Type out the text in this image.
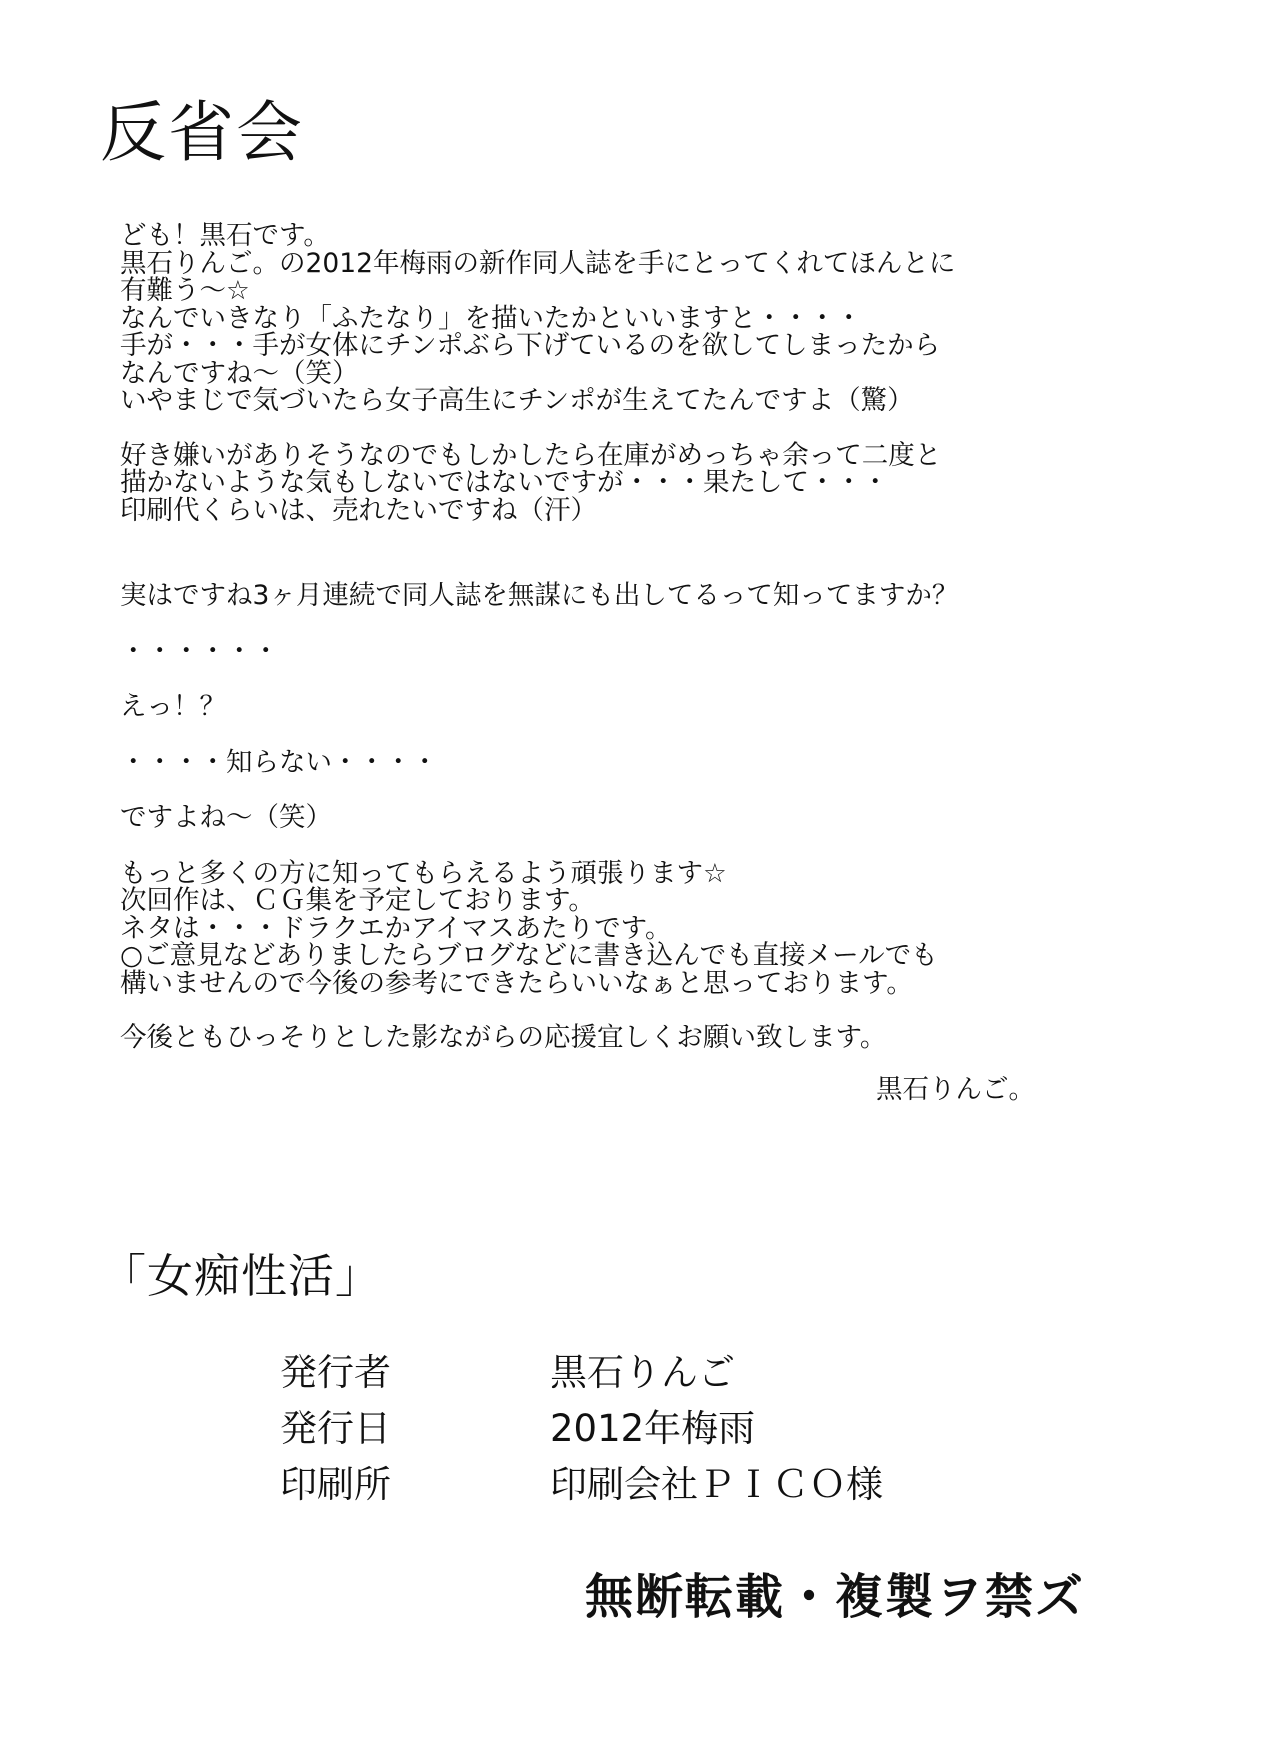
反省会

ども！黒石です。

黒石りんご。の2012年梅雨の新作同人誌を手にとってくれてほんとに

有難う～☆

なんでいきなり「ふたなり」を描いたかといいますと・・・・

手が・・・手が女体にチンポぶら下げているのを欲してしまったから

なんですね～（笑）

いやまじで気づいたら女子高生にチンポが生えてたんですよ（驚）

好き嫌いがありそうなのでもしかしたら在庫がめっちゃ余って二度と

描かないような気もしないではないですが・・・果たして・・・

印刷代くらいは、売れたいですね（汗）

実はですね3ヶ月連続で同人誌を無謀にも出してるって知ってますか？

・・・・・・

えっ！？

・・・・知らない・・・・

ですよね～（笑）

もっと多くの方に知ってもらえるよう頑張ります☆

次回作は、ＣＧ集を予定しております。

ネタは・・・ドラクエかアイマスあたりです。

○ご意見などありましたらブログなどに書き込んでも直接メールでも

構いませんので今後の参考にできたらいいなぁと思っております。

今後ともひっそりとした影ながらの応援宜しくお願い致します。

黒石りんご。

「女痴性活」
発行者	黒石りんご
発行日	2012年梅雨
印刷所	印刷会社ＰＩＣＯ様

無断転載・複製ヲ禁ズ
